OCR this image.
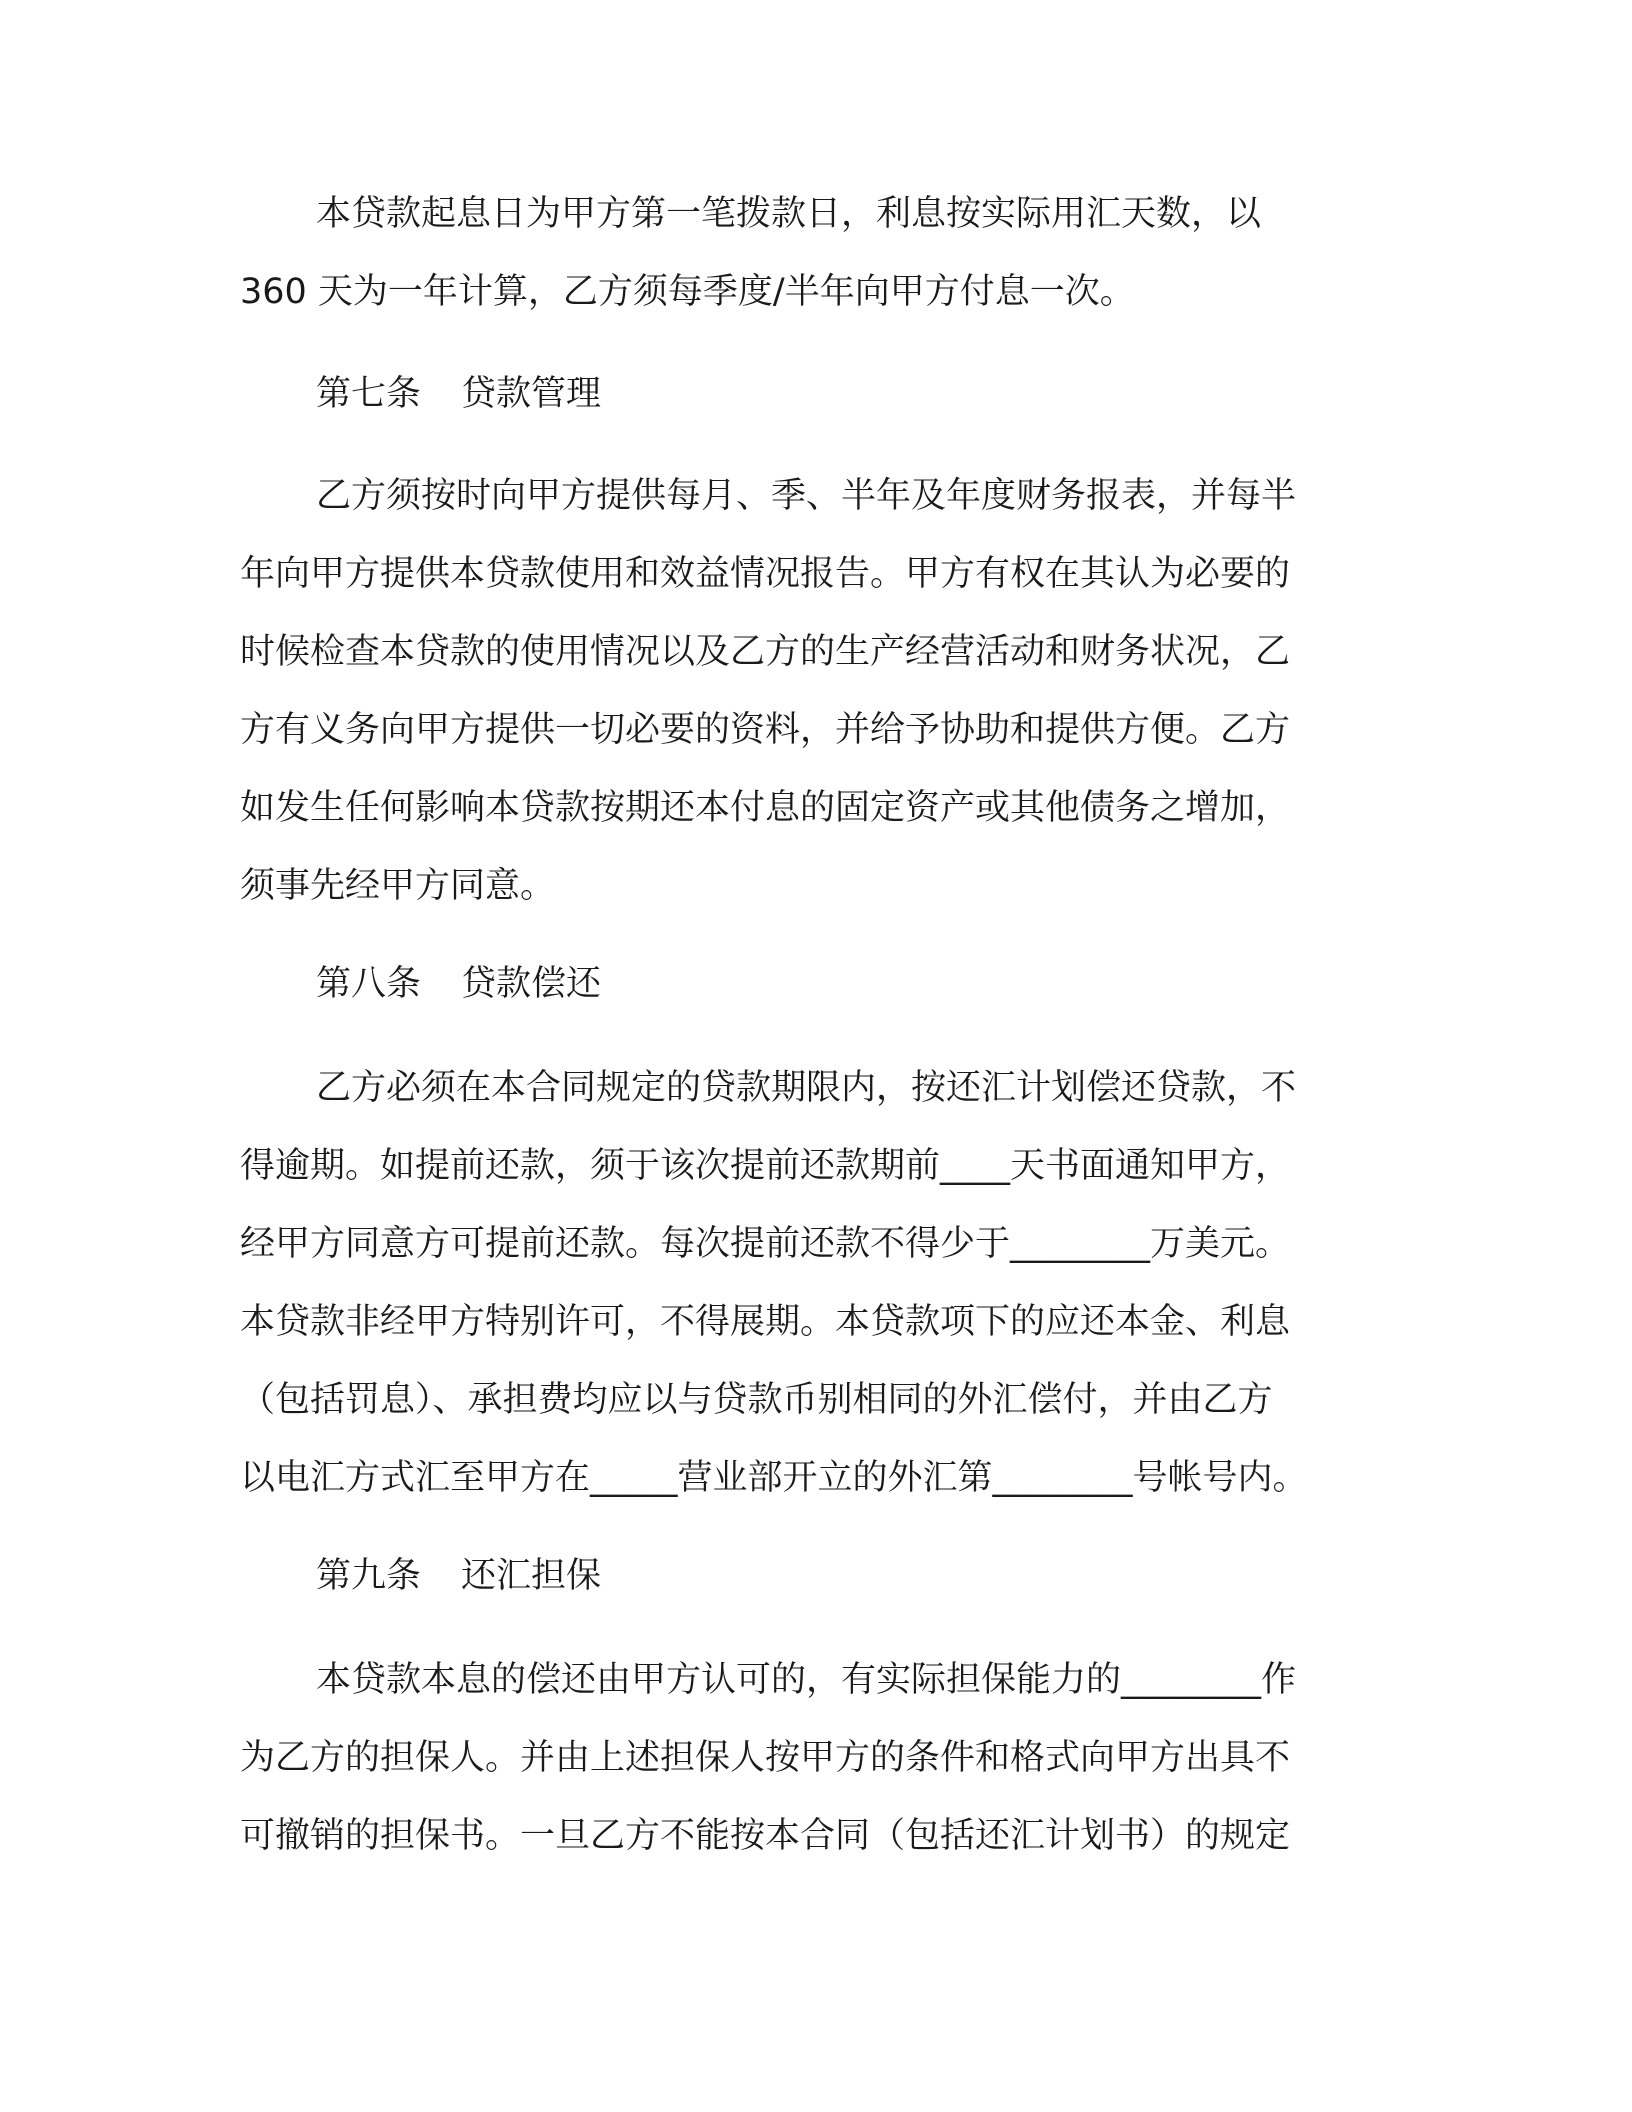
本贷款起息日为甲方第一笔拨款日，利息按实际用汇天数，以
360 天为一年计算，乙方须每季度/半年向甲方付息一次。
第七条 贷款管理
乙方须按时向甲方提供每月、季、半年及年度财务报表，并每半
年向甲方提供本贷款使用和效益情况报告。甲方有权在其认为必要的
时候检查本贷款的使用情况以及乙方的生产经营活动和财务状况，乙
方有义务向甲方提供一切必要的资料，并给予协助和提供方便。乙方
如发生任何影响本贷款按期还本付息的固定资产或其他债务之增加，
须事先经甲方同意。
第八条 贷款偿还
乙方必须在本合同规定的贷款期限内，按还汇计划偿还贷款，不
得逾期。如提前还款，须于该次提前还款期前____天书面通知甲方，
经甲方同意方可提前还款。每次提前还款不得少于________万美元。
本贷款非经甲方特别许可，不得展期。本贷款项下的应还本金、利息
（包括罚息）、承担费均应以与贷款币别相同的外汇偿付，并由乙方
以电汇方式汇至甲方在_____营业部开立的外汇第________号帐号内。
第九条 还汇担保
本贷款本息的偿还由甲方认可的，有实际担保能力的________作
为乙方的担保人。并由上述担保人按甲方的条件和格式向甲方出具不
可撤销的担保书。一旦乙方不能按本合同（包括还汇计划书）的规定
